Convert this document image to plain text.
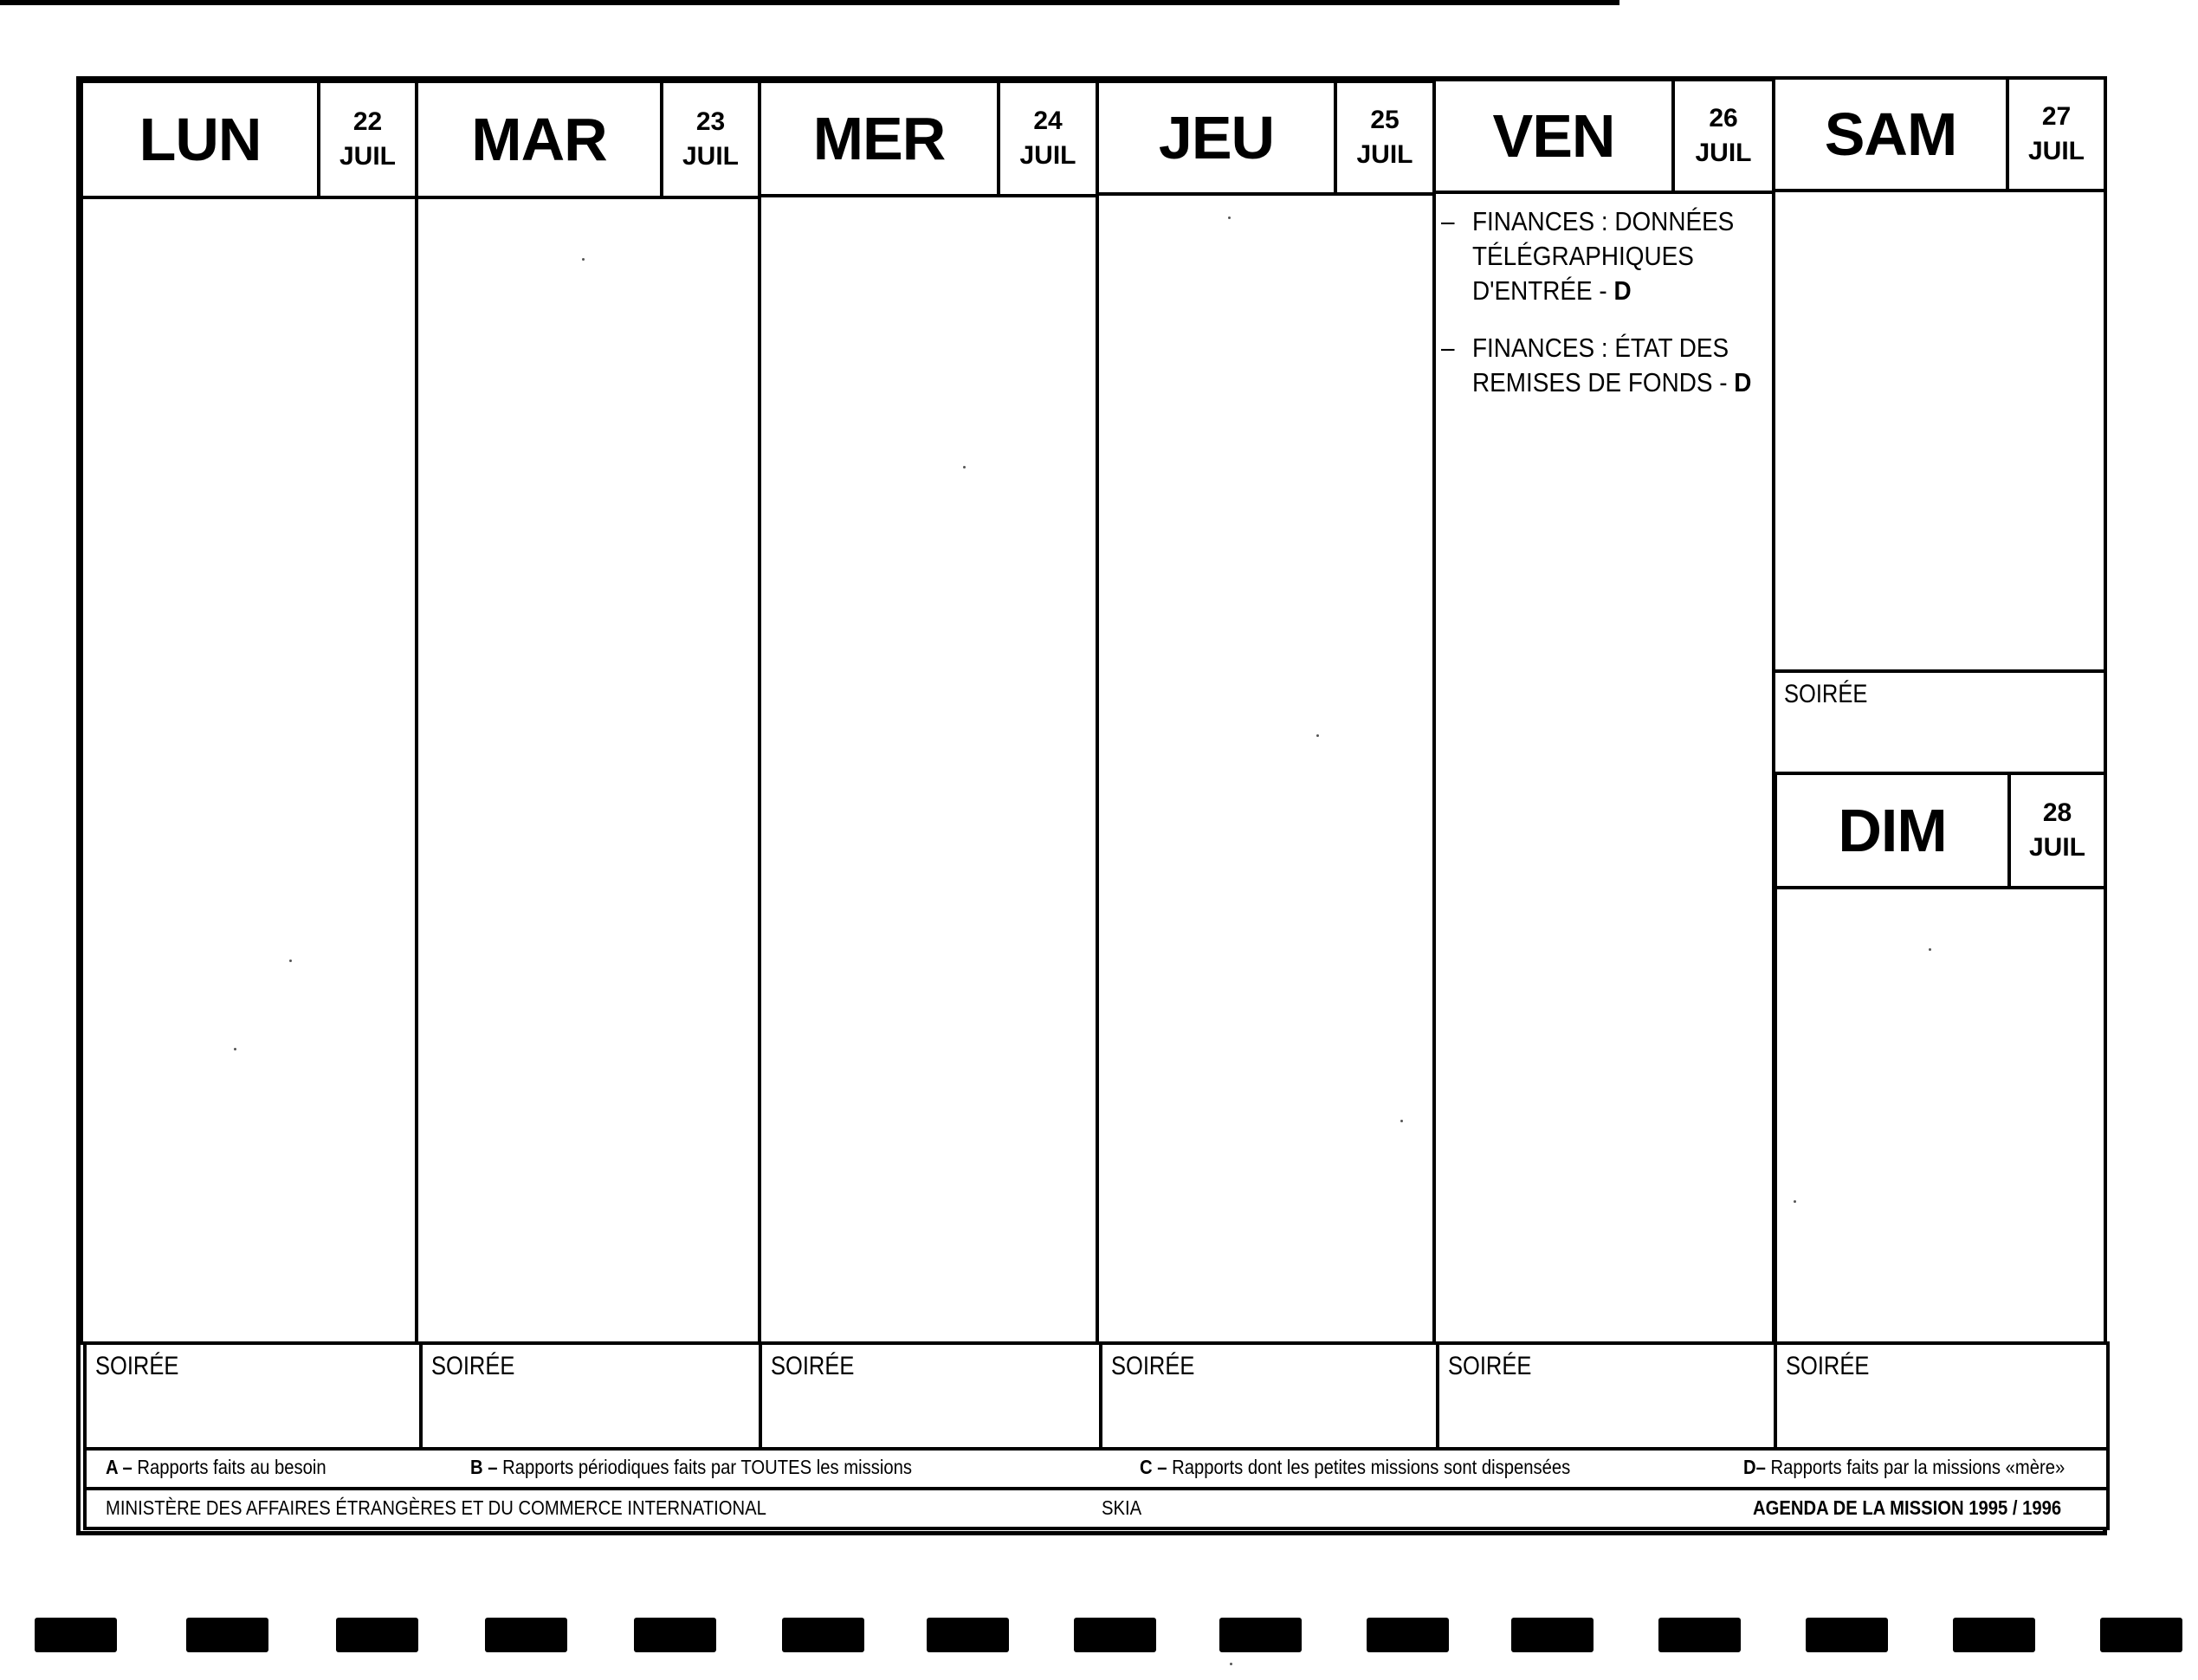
LUN	22
JUIL
SOIRÉE
MAR	23
JUIL
SOIRÉE
MER	24
JUIL
SOIRÉE
JEU	25
JUIL
SOIRÉE
VEN	26
JUIL
– FINANCES : DONNÉES TÉLÉGRAPHIQUES D'ENTRÉE - D
– FINANCES : ÉTAT DES REMISES DE FONDS - D
SOIRÉE
SAM	27
JUIL
SOIRÉE
DIM	28
JUIL
SOIRÉE
A – Rapports faits au besoin	B – Rapports périodiques faits par TOUTES les missions	C – Rapports dont les petites missions sont dispensées	D– Rapports faits par la missions «mère»
MINISTÈRE DES AFFAIRES ÉTRANGÈRES ET DU COMMERCE INTERNATIONAL	SKIA	AGENDA DE LA MISSION 1995 / 1996
